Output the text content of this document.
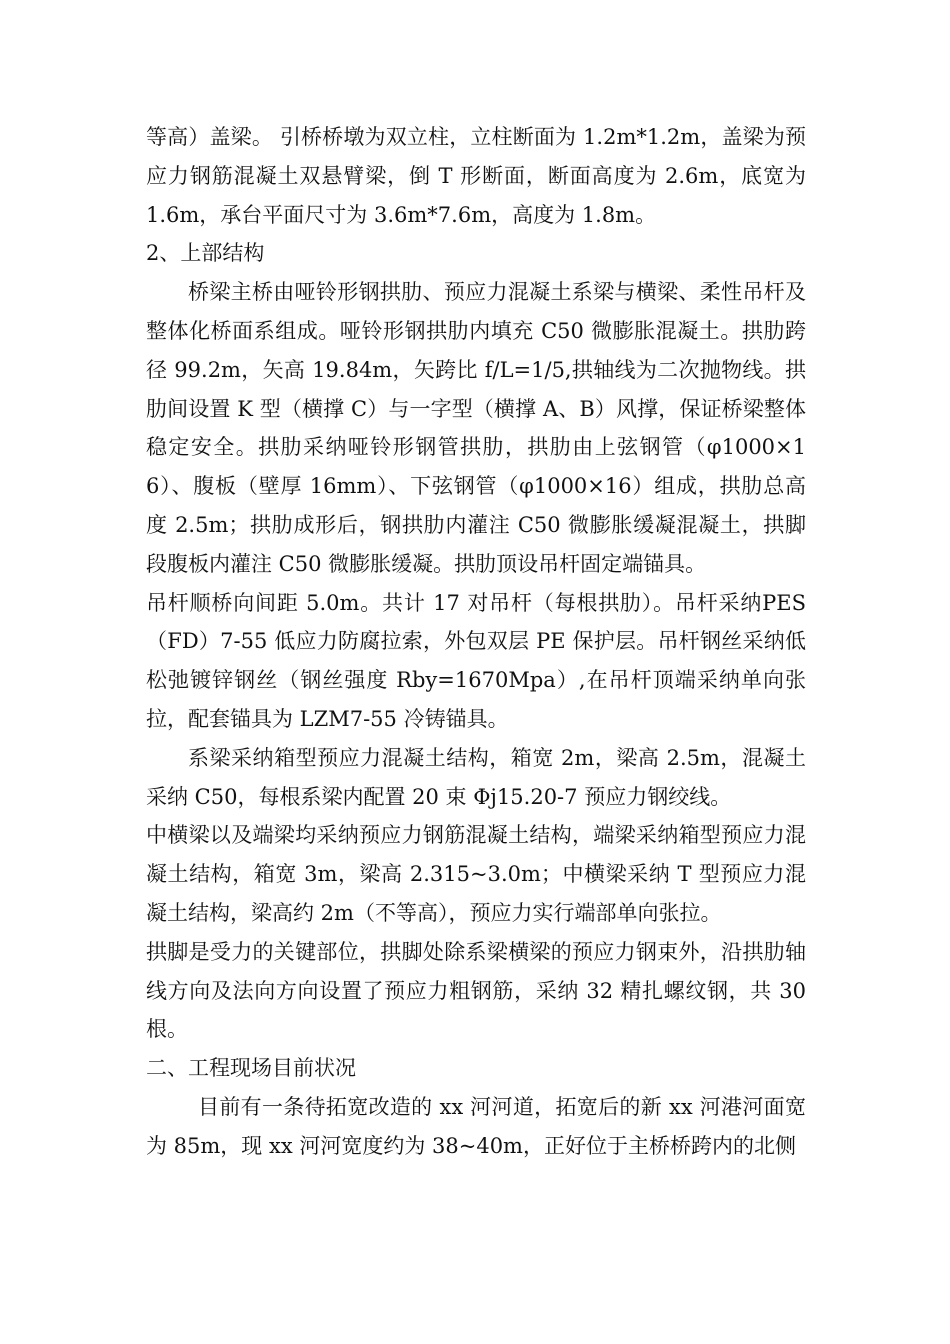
等高）盖梁。 引桥桥墩为双立柱，立柱断面为 1.2m*1.2m，盖梁为预应力钢筋混凝土双悬臂梁，倒 T 形断面，断面高度为 2.6m，底宽为 1.6m，承台平面尺寸为 3.6m*7.6m，高度为 1.8m。

2、上部结构

桥梁主桥由哑铃形钢拱肋、预应力混凝土系梁与横梁、柔性吊杆及整体化桥面系组成。哑铃形钢拱肋内填充 C50 微膨胀混凝土。拱肋跨径 99.2m，矢高 19.84m，矢跨比 f/L=1/5,拱轴线为二次抛物线。拱肋间设置 K 型（横撑 C）与一字型（横撑 A、B）风撑，保证桥梁整体稳定安全。拱肋采纳哑铃形钢管拱肋，拱肋由上弦钢管（φ1000×16）、腹板（壁厚 16mm）、下弦钢管（φ1000×16）组成，拱肋总高度 2.5m；拱肋成形后，钢拱肋内灌注 C50 微膨胀缓凝混凝土，拱脚段腹板内灌注 C50 微膨胀缓凝。拱肋顶设吊杆固定端锚具。

吊杆顺桥向间距 5.0m。共计 17 对吊杆（每根拱肋）。吊杆采纳PES（FD）7-55 低应力防腐拉索，外包双层 PE 保护层。吊杆钢丝采纳低松弛镀锌钢丝（钢丝强度 Rby=1670Mpa）,在吊杆顶端采纳单向张拉，配套锚具为 LZM7-55 冷铸锚具。

系梁采纳箱型预应力混凝土结构，箱宽 2m，梁高 2.5m，混凝土采纳 C50，每根系梁内配置 20 束 Φj15.20-7 预应力钢绞线。

中横梁以及端梁均采纳预应力钢筋混凝土结构，端梁采纳箱型预应力混凝土结构，箱宽 3m，梁高 2.315~3.0m；中横梁采纳 T 型预应力混凝土结构，梁高约 2m（不等高），预应力实行端部单向张拉。

拱脚是受力的关键部位，拱脚处除系梁横梁的预应力钢束外，沿拱肋轴线方向及法向方向设置了预应力粗钢筋，采纳 32 精扎螺纹钢，共 30 根。

二、工程现场目前状况

目前有一条待拓宽改造的 xx 河河道，拓宽后的新 xx 河港河面宽为 85m，现 xx 河河宽度约为 38~40m，正好位于主桥桥跨内的北侧
